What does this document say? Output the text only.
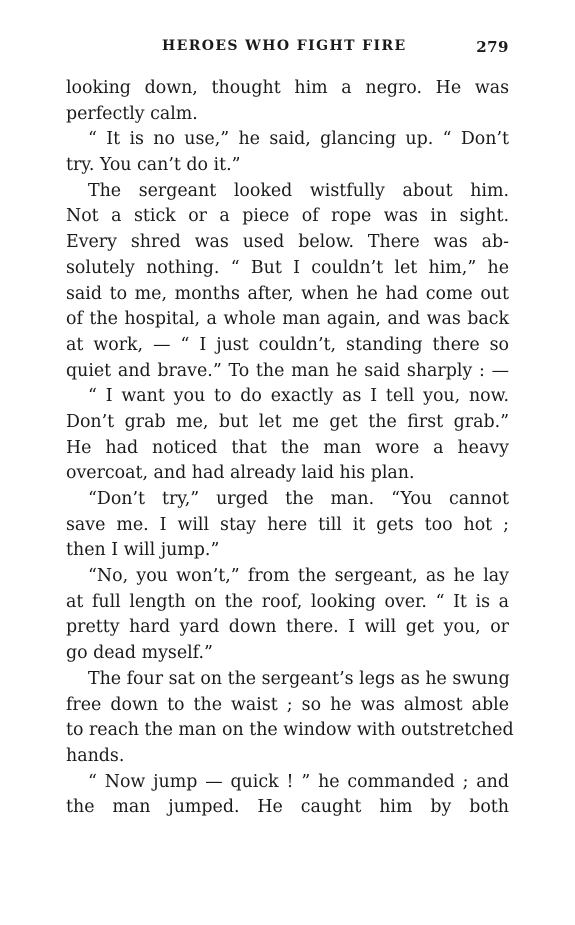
HEROES WHO FIGHT FIRE	279
looking down, thought him a negro. He was
perfectly calm.
“ It is no use,” he said, glancing up. “ Don’t
try. You can’t do it.”
The sergeant looked wistfully about him.
Not a stick or a piece of rope was in sight.
Every shred was used below. There was ab-
solutely nothing. “ But I couldn’t let him,” he
said to me, months after, when he had come out
of the hospital, a whole man again, and was back
at work, — “ I just couldn’t, standing there so
quiet and brave.” To the man he said sharply : —
“ I want you to do exactly as I tell you, now.
Don’t grab me, but let me get the first grab.”
He had noticed that the man wore a heavy
overcoat, and had already laid his plan.
“Don’t try,” urged the man. “You cannot
save me. I will stay here till it gets too hot ;
then I will jump.”
“No, you won’t,” from the sergeant, as he lay
at full length on the roof, looking over. “ It is a
pretty hard yard down there. I will get you, or
go dead myself.”
The four sat on the sergeant’s legs as he swung
free down to the waist ; so he was almost able
to reach the man on the window with outstretched
hands.
“ Now jump — quick ! ” he commanded ; and
the man jumped. He caught him by both
